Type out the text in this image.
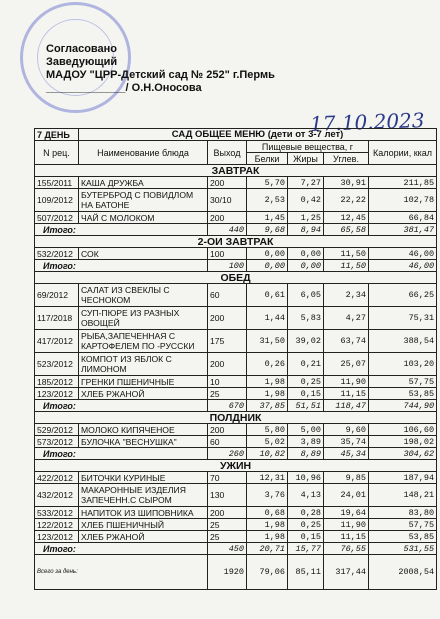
Согласовано
Заведующий
МАДОУ "ЦРР-Детский сад № 252" г.Пермь
_____________/ О.Н.Оносова
17.10.2023
7 ДЕНЬ	САД ОБЩЕЕ МЕНЮ (дети от 3-7 лет)					
N рец.	Наименование блюда	Выход	Пищевые вещества, г			Калории, ккал
			Белки	Жиры	Углев.	
ЗАВТРАК						
155/2011	КАША ДРУЖБА	200	5,70	7,27	30,91	211,85
109/2012	БУТЕРБРОД С ПОВИДЛОМ НА БАТОНЕ	30/10	2,53	0,42	22,22	102,78
507/2012	ЧАЙ С МОЛОКОМ	200	1,45	1,25	12,45	66,84
Итого:		440	9,68	8,94	65,58	381,47
2-ОИ ЗАВТРАК						
532/2012	СОК	100	0,00	0,00	11,50	46,00
Итого:		100	0,00	0,00	11,50	46,00
ОБЕД						
69/2012	САЛАТ ИЗ СВЕКЛЫ С ЧЕСНОКОМ	60	0,61	6,05	2,34	66,25
117/2018	СУП-ПЮРЕ ИЗ РАЗНЫХ ОВОЩЕЙ	200	1,44	5,83	4,27	75,31
417/2012	РЫБА,ЗАПЕЧЕННАЯ С КАРТОФЕЛЕМ ПО -РУССКИ	175	31,50	39,02	63,74	388,54
523/2012	КОМПОТ ИЗ ЯБЛОК С ЛИМОНОМ	200	0,26	0,21	25,07	103,20
185/2012	ГРЕНКИ ПШЕНИЧНЫЕ	10	1,98	0,25	11,90	57,75
123/2012	ХЛЕБ РЖАНОЙ	25	1,98	0,15	11,15	53,85
Итого:		670	37,85	51,51	118,47	744,90
ПОЛДНИК						
529/2012	МОЛОКО КИПЯЧЕНОЕ	200	5,80	5,00	9,60	106,60
573/2012	БУЛОЧКА "ВЕСНУШКА"	60	5,02	3,89	35,74	198,02
Итого:		260	10,82	8,89	45,34	304,62
УЖИН						
422/2012	БИТОЧКИ КУРИНЫЕ	70	12,31	10,96	9,85	187,94
432/2012	МАКАРОННЫЕ ИЗДЕЛИЯ ЗАПЕЧЕНН.С СЫРОМ	130	3,76	4,13	24,01	148,21
533/2012	НАПИТОК ИЗ ШИПОВНИКА	200	0,68	0,28	19,64	83,80
122/2012	ХЛЕБ ПШЕНИЧНЫЙ	25	1,98	0,25	11,90	57,75
123/2012	ХЛЕБ РЖАНОЙ	25	1,98	0,15	11,15	53,85
Итого:		450	20,71	15,77	76,55	531,55
Всего за день:		1920	79,06	85,11	317,44	2008,54
